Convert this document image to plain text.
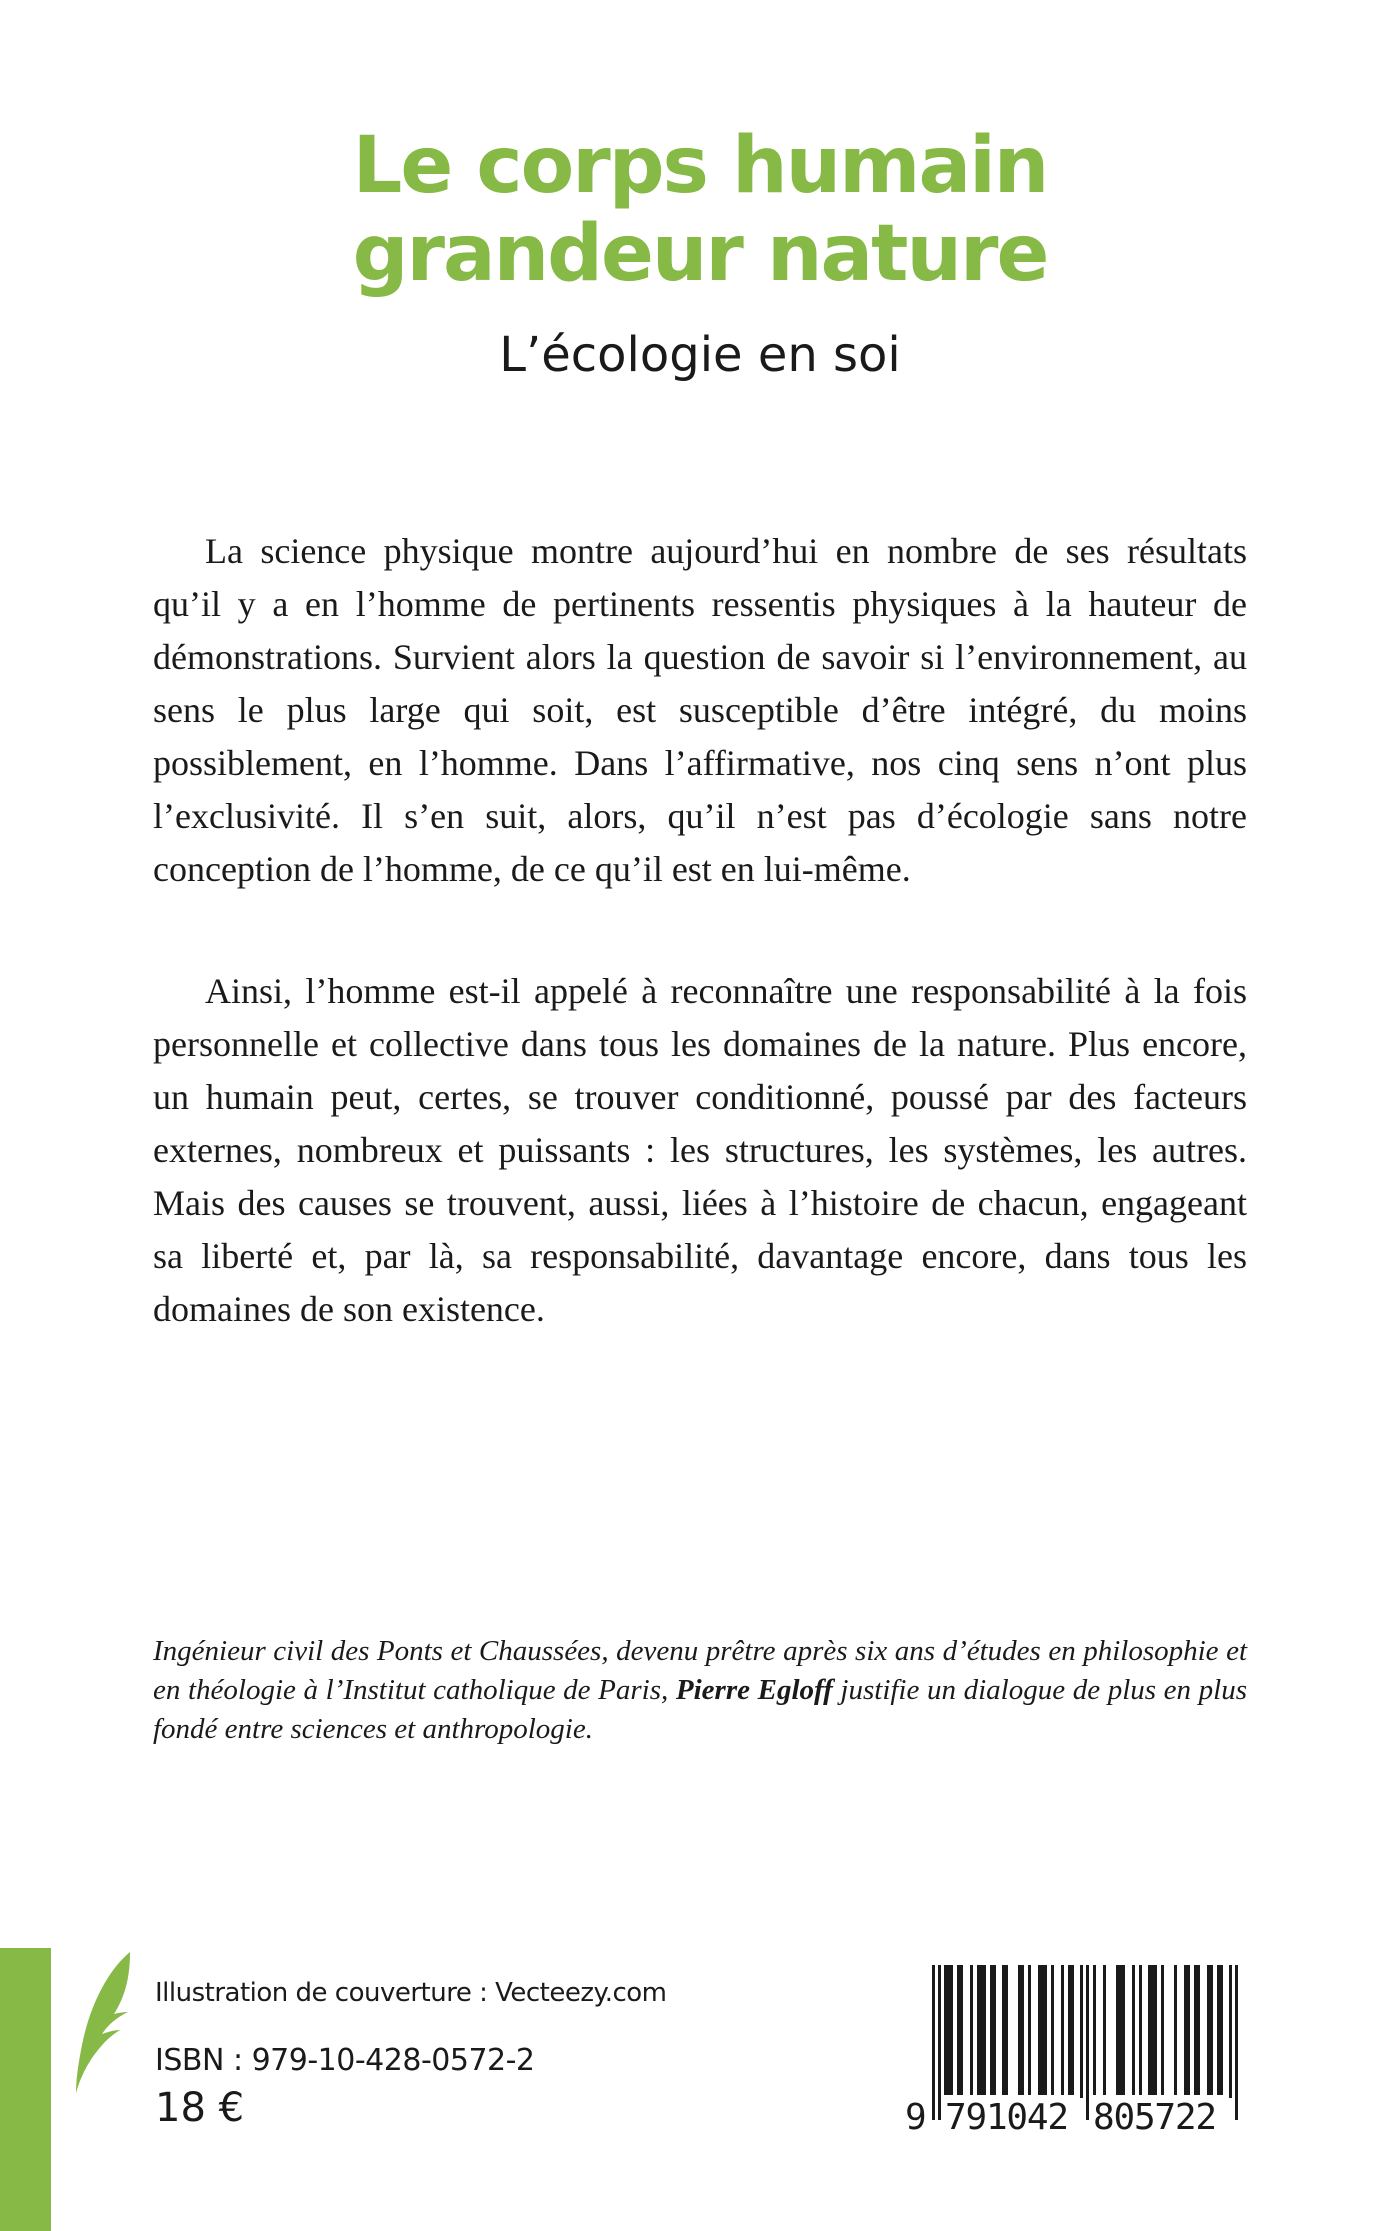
Le corps humain
grandeur nature
L’écologie en soi

La science physique montre aujourd’hui en nombre de ses résultats qu’il y a en l’homme de pertinents ressentis physiques à la hauteur de démonstrations. Survient alors la question de savoir si l’environnement, au sens le plus large qui soit, est susceptible d’être intégré, du moins possiblement, en l’homme. Dans l’affirmative, nos cinq sens n’ont plus l’exclusivité. Il s’en suit, alors, qu’il n’est pas d’écologie sans notre conception de l’homme, de ce qu’il est en lui-même.

Ainsi, l’homme est-il appelé à reconnaître une responsabilité à la fois personnelle et collective dans tous les domaines de la nature. Plus encore, un humain peut, certes, se trouver conditionné, poussé par des facteurs externes, nombreux et puissants : les structures, les systèmes, les autres. Mais des causes se trouvent, aussi, liées à l’histoire de chacun, engageant sa liberté et, par là, sa responsabilité, davantage encore, dans tous les domaines de son existence.

Ingénieur civil des Ponts et Chaussées, devenu prêtre après six ans d’études en philosophie et en théologie à l’Institut catholique de Paris, Pierre Egloff justifie un dialogue de plus en plus fondé entre sciences et anthropologie.
Illustration de couverture : Vecteezy.com
ISBN : 979-10-428-0572-2
18 €	9 791042 805722
